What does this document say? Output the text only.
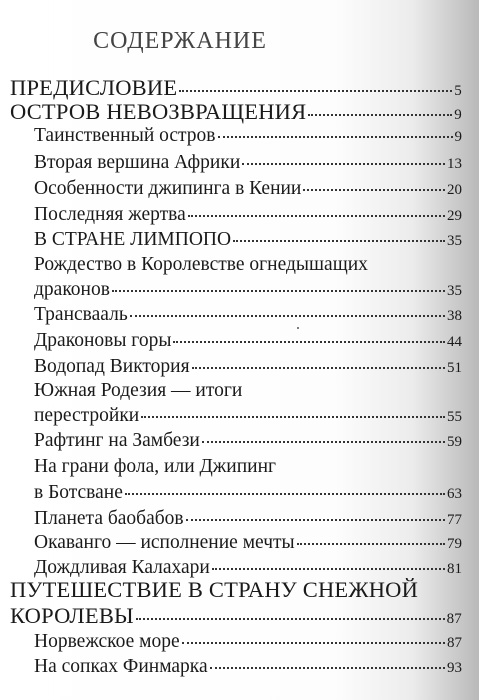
СОДЕРЖАНИЕ
ПРЕДИСЛОВИЕ	5
ОСТРОВ НЕВОЗВРАЩЕНИЯ	9
Таинственный остров	9
Вторая вершина Африки	13
Особенности джипинга в Кении	20
Последняя жертва	29
В СТРАНЕ ЛИМПОПО	35
Рождество в Королевстве огнедышащих
драконов	35
Трансвааль	38
Драконовы горы	44
Водопад Виктория	51
Южная Родезия — итоги
перестройки	55
Рафтинг на Замбези	59
На грани фола, или Джипинг
в Ботсване	63
Планета баобабов	77
Окаванго — исполнение мечты	79
Дождливая Калахари	81
ПУТЕШЕСТВИЕ В СТРАНУ СНЕЖНОЙ
КОРОЛЕВЫ	87
Норвежское море	87
На сопках Финмарка	93
